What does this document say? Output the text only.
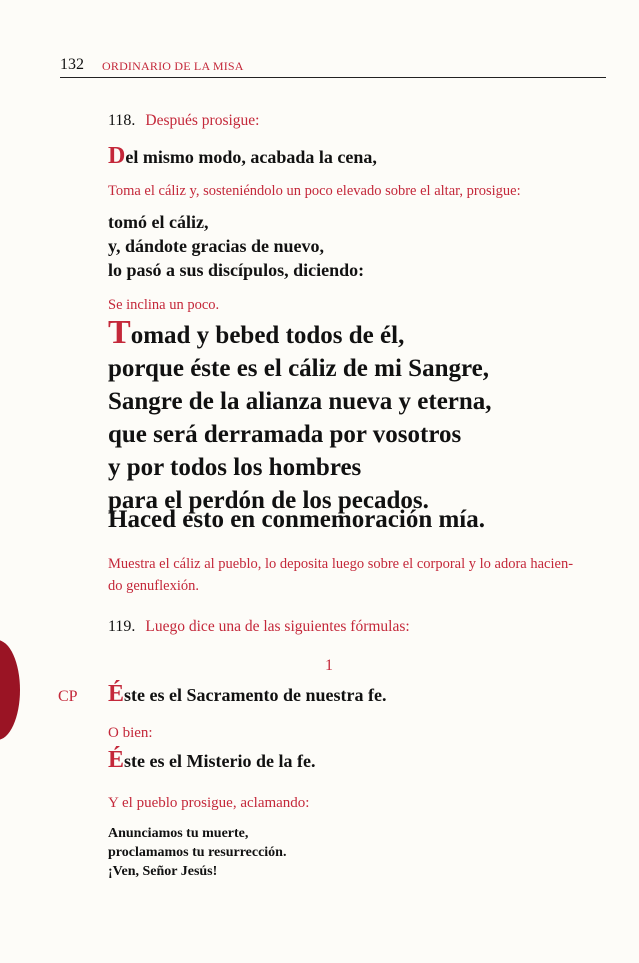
132 ORDINARIO DE LA MISA

118. Después prosigue:

Del mismo modo, acabada la cena,

Toma el cáliz y, sosteniéndolo un poco elevado sobre el altar, prosigue:

tomó el cáliz,
y, dándote gracias de nuevo,
lo pasó a sus discípulos, diciendo:

Se inclina un poco.

Tomad y bebed todos de él,
porque éste es el cáliz de mi Sangre,
Sangre de la alianza nueva y eterna,
que será derramada por vosotros
y por todos los hombres
para el perdón de los pecados.

Haced esto en conmemoración mía.

Muestra el cáliz al pueblo, lo deposita luego sobre el corporal y lo adora hacien-
do genuflexión.

119. Luego dice una de las siguientes fórmulas:

1
CP Éste es el Sacramento de nuestra fe.

O bien:

Éste es el Misterio de la fe.

Y el pueblo prosigue, aclamando:

Anunciamos tu muerte,
proclamamos tu resurrección.
¡Ven, Señor Jesús!
